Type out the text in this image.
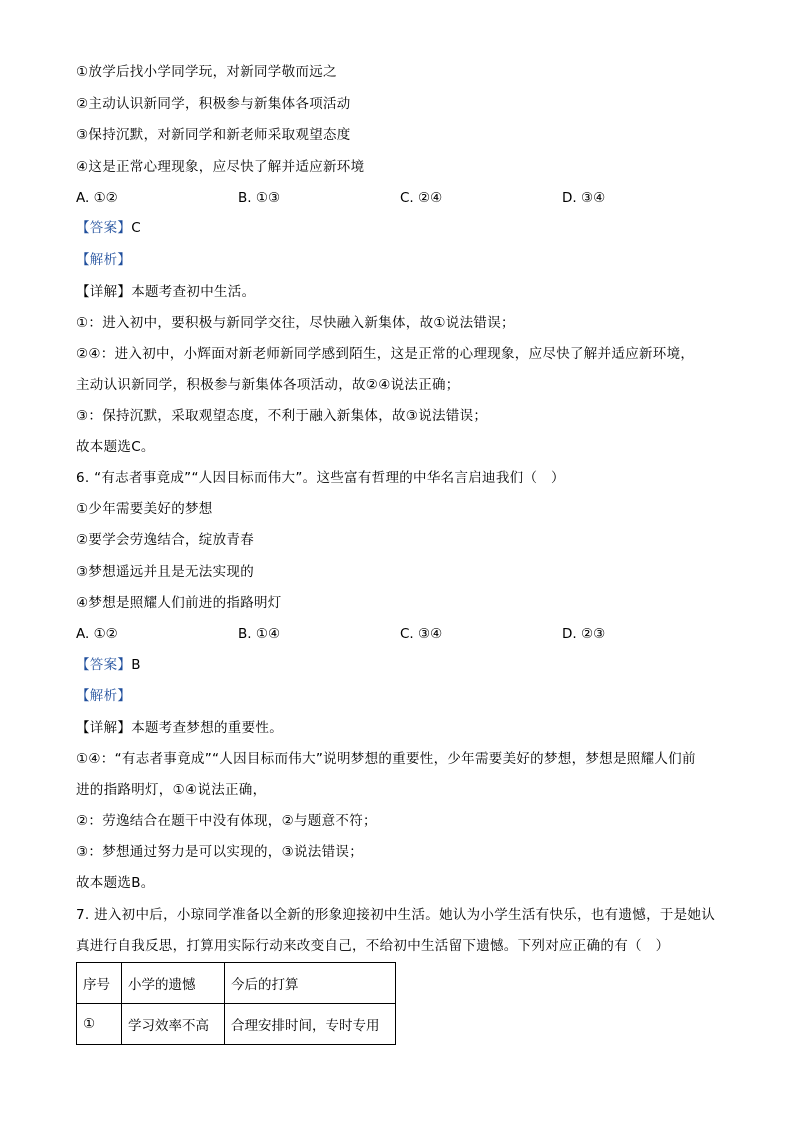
①放学后找小学同学玩，对新同学敬而远之
②主动认识新同学，积极参与新集体各项活动
③保持沉默，对新同学和新老师采取观望态度
④这是正常心理现象，应尽快了解并适应新环境
A. ①②	B. ①③	C. ②④	D. ③④
【答案】C
【解析】
【详解】本题考查初中生活。
①：进入初中，要积极与新同学交往，尽快融入新集体，故①说法错误；
②④：进入初中，小辉面对新老师新同学感到陌生，这是正常的心理现象，应尽快了解并适应新环境，
主动认识新同学，积极参与新集体各项活动，故②④说法正确；
③：保持沉默，采取观望态度，不利于融入新集体，故③说法错误；
故本题选C。
6. “有志者事竟成”“人因目标而伟大”。这些富有哲理的中华名言启迪我们（　）
①少年需要美好的梦想
②要学会劳逸结合，绽放青春
③梦想遥远并且是无法实现的
④梦想是照耀人们前进的指路明灯
A. ①②	B. ①④	C. ③④	D. ②③
【答案】B
【解析】
【详解】本题考查梦想的重要性。
①④：“有志者事竟成”“人因目标而伟大”说明梦想的重要性，少年需要美好的梦想，梦想是照耀人们前
进的指路明灯，①④说法正确，
②：劳逸结合在题干中没有体现，②与题意不符；
③：梦想通过努力是可以实现的，③说法错误；
故本题选B。
7. 进入初中后，小琼同学准备以全新的形象迎接初中生活。她认为小学生活有快乐，也有遗憾，于是她认
真进行自我反思，打算用实际行动来改变自己，不给初中生活留下遗憾。下列对应正确的有（　）
序号	小学的遗憾	今后的打算
①	学习效率不高	合理安排时间，专时专用
